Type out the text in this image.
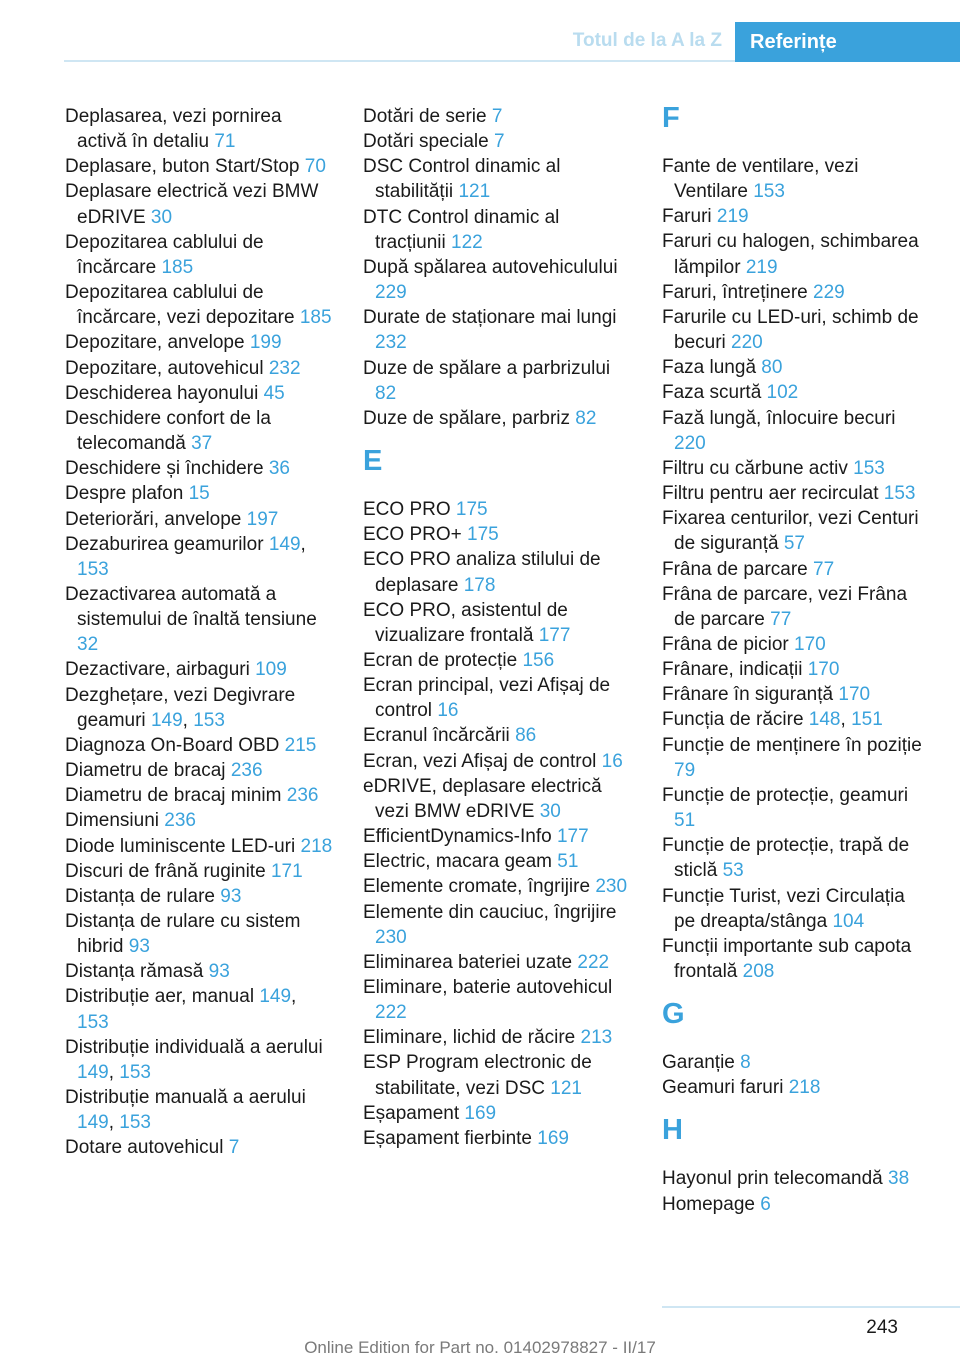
Totul de la A la Z	Referințe
Deplasarea, vezi pornirea activă în detaliu 71
Deplasare, buton Start/Stop 70
Deplasare electrică vezi BMW eDRIVE 30
Depozitarea cablului de încărcare 185
Depozitarea cablului de încărcare, vezi depozitare 185
Depozitare, anvelope 199
Depozitare, autovehicul 232
Deschiderea hayonului 45
Deschidere confort de la telecomandă 37
Deschidere și închidere 36
Despre plafon 15
Deteriorări, anvelope 197
Dezaburirea geamurilor 149, 153
Dezactivarea automată a sistemului de înaltă tensiune 32
Dezactivare, airbaguri 109
Dezghețare, vezi Degivrare geamuri 149, 153
Diagnoza On-Board OBD 215
Diametru de bracaj 236
Diametru de bracaj minim 236
Dimensiuni 236
Diode luminiscente LED-uri 218
Discuri de frână ruginite 171
Distanța de rulare 93
Distanța de rulare cu sistem hibrid 93
Distanța rămasă 93
Distribuție aer, manual 149, 153
Distribuție individuală a aerului 149, 153
Distribuție manuală a aerului 149, 153
Dotare autovehicul 7
Dotări de serie 7
Dotări speciale 7
DSC Control dinamic al stabilității 121
DTC Control dinamic al tracțiunii 122
După spălarea autovehiculului 229
Durate de staționare mai lungi 232
Duze de spălare a parbrizului 82
Duze de spălare, parbriz 82
E
ECO PRO 175
ECO PRO+ 175
ECO PRO analiza stilului de deplasare 178
ECO PRO, asistentul de vizualizare frontală 177
Ecran de protecție 156
Ecran principal, vezi Afișaj de control 16
Ecranul încărcării 86
Ecran, vezi Afișaj de control 16
eDRIVE, deplasare electrică vezi BMW eDRIVE 30
EfficientDynamics-Info 177
Electric, macara geam 51
Elemente cromate, îngrijire 230
Elemente din cauciuc, îngrijire 230
Eliminarea bateriei uzate 222
Eliminare, baterie autovehicul 222
Eliminare, lichid de răcire 213
ESP Program electronic de stabilitate, vezi DSC 121
Eșapament 169
Eșapament fierbinte 169
F
Fante de ventilare, vezi Ventilare 153
Faruri 219
Faruri cu halogen, schimbarea lămpilor 219
Faruri, întreținere 229
Farurile cu LED-uri, schimb de becuri 220
Faza lungă 80
Faza scurtă 102
Fază lungă, înlocuire becuri 220
Filtru cu cărbune activ 153
Filtru pentru aer recirculat 153
Fixarea centurilor, vezi Centuri de siguranță 57
Frâna de parcare 77
Frâna de parcare, vezi Frâna de parcare 77
Frâna de picior 170
Frânare, indicații 170
Frânare în siguranță 170
Funcția de răcire 148, 151
Funcție de menținere în poziție 79
Funcție de protecție, geamuri 51
Funcție de protecție, trapă de sticlă 53
Funcție Turist, vezi Circulația pe dreapta/stânga 104
Funcții importante sub capota frontală 208
G
Garanție 8
Geamuri faruri 218
H
Hayonul prin telecomandă 38
Homepage 6
243
Online Edition for Part no. 01402978827 - II/17
